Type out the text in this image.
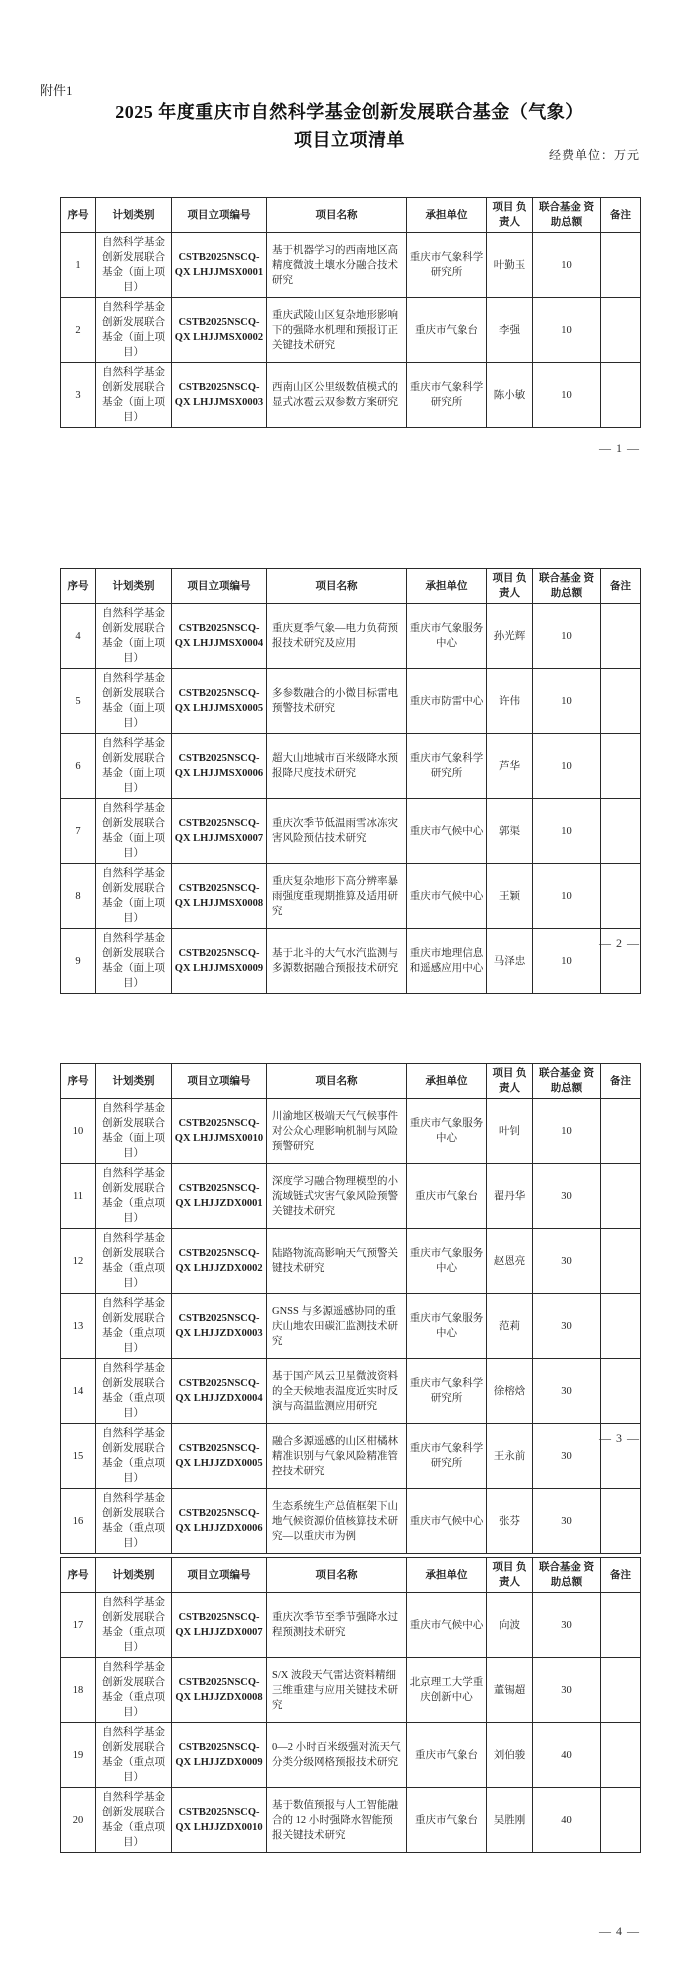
附件1
2025 年度重庆市自然科学基金创新发展联合基金（气象）
项目立项清单
经费单位：万元
序号	计划类别	项目立项编号	项目名称	承担单位	项目 负责人	联合基金 资助总额	备注
1	自然科学基金创新发展联合基金（面上项目）	CSTB2025NSCQ-QX LHJJMSX0001	基于机器学习的西南地区高精度微波土壤水分融合技术研究	重庆市气象科学研究所	叶勤玉	10	
2	自然科学基金创新发展联合基金（面上项目）	CSTB2025NSCQ-QX LHJJMSX0002	重庆武陵山区复杂地形影响下的强降水机理和预报订正关键技术研究	重庆市气象台	李强	10	
3	自然科学基金创新发展联合基金（面上项目）	CSTB2025NSCQ-QX LHJJMSX0003	西南山区公里级数值模式的显式冰雹云双参数方案研究	重庆市气象科学研究所	陈小敏	10	
— 1 —
序号	计划类别	项目立项编号	项目名称	承担单位	项目 负责人	联合基金 资助总额	备注
4	自然科学基金创新发展联合基金（面上项目）	CSTB2025NSCQ-QX LHJJMSX0004	重庆夏季气象—电力负荷预报技术研究及应用	重庆市气象服务中心	孙光辉	10	
5	自然科学基金创新发展联合基金（面上项目）	CSTB2025NSCQ-QX LHJJMSX0005	多参数融合的小微目标雷电预警技术研究	重庆市防雷中心	许伟	10	
6	自然科学基金创新发展联合基金（面上项目）	CSTB2025NSCQ-QX LHJJMSX0006	超大山地城市百米级降水预报降尺度技术研究	重庆市气象科学研究所	芦华	10	
7	自然科学基金创新发展联合基金（面上项目）	CSTB2025NSCQ-QX LHJJMSX0007	重庆次季节低温雨雪冰冻灾害风险预估技术研究	重庆市气候中心	郭渠	10	
8	自然科学基金创新发展联合基金（面上项目）	CSTB2025NSCQ-QX LHJJMSX0008	重庆复杂地形下高分辨率暴雨强度重现期推算及适用研究	重庆市气候中心	王颖	10	
9	自然科学基金创新发展联合基金（面上项目）	CSTB2025NSCQ-QX LHJJMSX0009	基于北斗的大气水汽监测与多源数据融合预报技术研究	重庆市地理信息和遥感应用中心	马泽忠	10	
— 2 —
序号	计划类别	项目立项编号	项目名称	承担单位	项目 负责人	联合基金 资助总额	备注
10	自然科学基金创新发展联合基金（面上项目）	CSTB2025NSCQ-QX LHJJMSX0010	川渝地区极端天气气候事件对公众心理影响机制与风险预警研究	重庆市气象服务中心	叶钊	10	
11	自然科学基金创新发展联合基金（重点项目）	CSTB2025NSCQ-QX LHJJZDX0001	深度学习融合物理模型的小流域链式灾害气象风险预警关键技术研究	重庆市气象台	翟丹华	30	
12	自然科学基金创新发展联合基金（重点项目）	CSTB2025NSCQ-QX LHJJZDX0002	陆路物流高影响天气预警关键技术研究	重庆市气象服务中心	赵恩亮	30	
13	自然科学基金创新发展联合基金（重点项目）	CSTB2025NSCQ-QX LHJJZDX0003	GNSS 与多源遥感协同的重庆山地农田碳汇监测技术研究	重庆市气象服务中心	范莉	30	
14	自然科学基金创新发展联合基金（重点项目）	CSTB2025NSCQ-QX LHJJZDX0004	基于国产风云卫星微波资料的全天候地表温度近实时反演与高温监测应用研究	重庆市气象科学研究所	徐榕焓	30	
15	自然科学基金创新发展联合基金（重点项目）	CSTB2025NSCQ-QX LHJJZDX0005	融合多源遥感的山区柑橘林精准识别与气象风险精准管控技术研究	重庆市气象科学研究所	王永前	30	
16	自然科学基金创新发展联合基金（重点项目）	CSTB2025NSCQ-QX LHJJZDX0006	生态系统生产总值框架下山地气候资源价值核算技术研究—以重庆市为例	重庆市气候中心	张芬	30	
— 3 —
序号	计划类别	项目立项编号	项目名称	承担单位	项目 负责人	联合基金 资助总额	备注
17	自然科学基金创新发展联合基金（重点项目）	CSTB2025NSCQ-QX LHJJZDX0007	重庆次季节至季节强降水过程预测技术研究	重庆市气候中心	向波	30	
18	自然科学基金创新发展联合基金（重点项目）	CSTB2025NSCQ-QX LHJJZDX0008	S/X 波段天气雷达资料精细三维重建与应用关键技术研究	北京理工大学重庆创新中心	董锡超	30	
19	自然科学基金创新发展联合基金（重点项目）	CSTB2025NSCQ-QX LHJJZDX0009	0—2 小时百米级强对流天气分类分级网格预报技术研究	重庆市气象台	刘伯骏	40	
20	自然科学基金创新发展联合基金（重点项目）	CSTB2025NSCQ-QX LHJJZDX0010	基于数值预报与人工智能融合的 12 小时强降水智能预报关键技术研究	重庆市气象台	吴胜刚	40	
— 4 —
